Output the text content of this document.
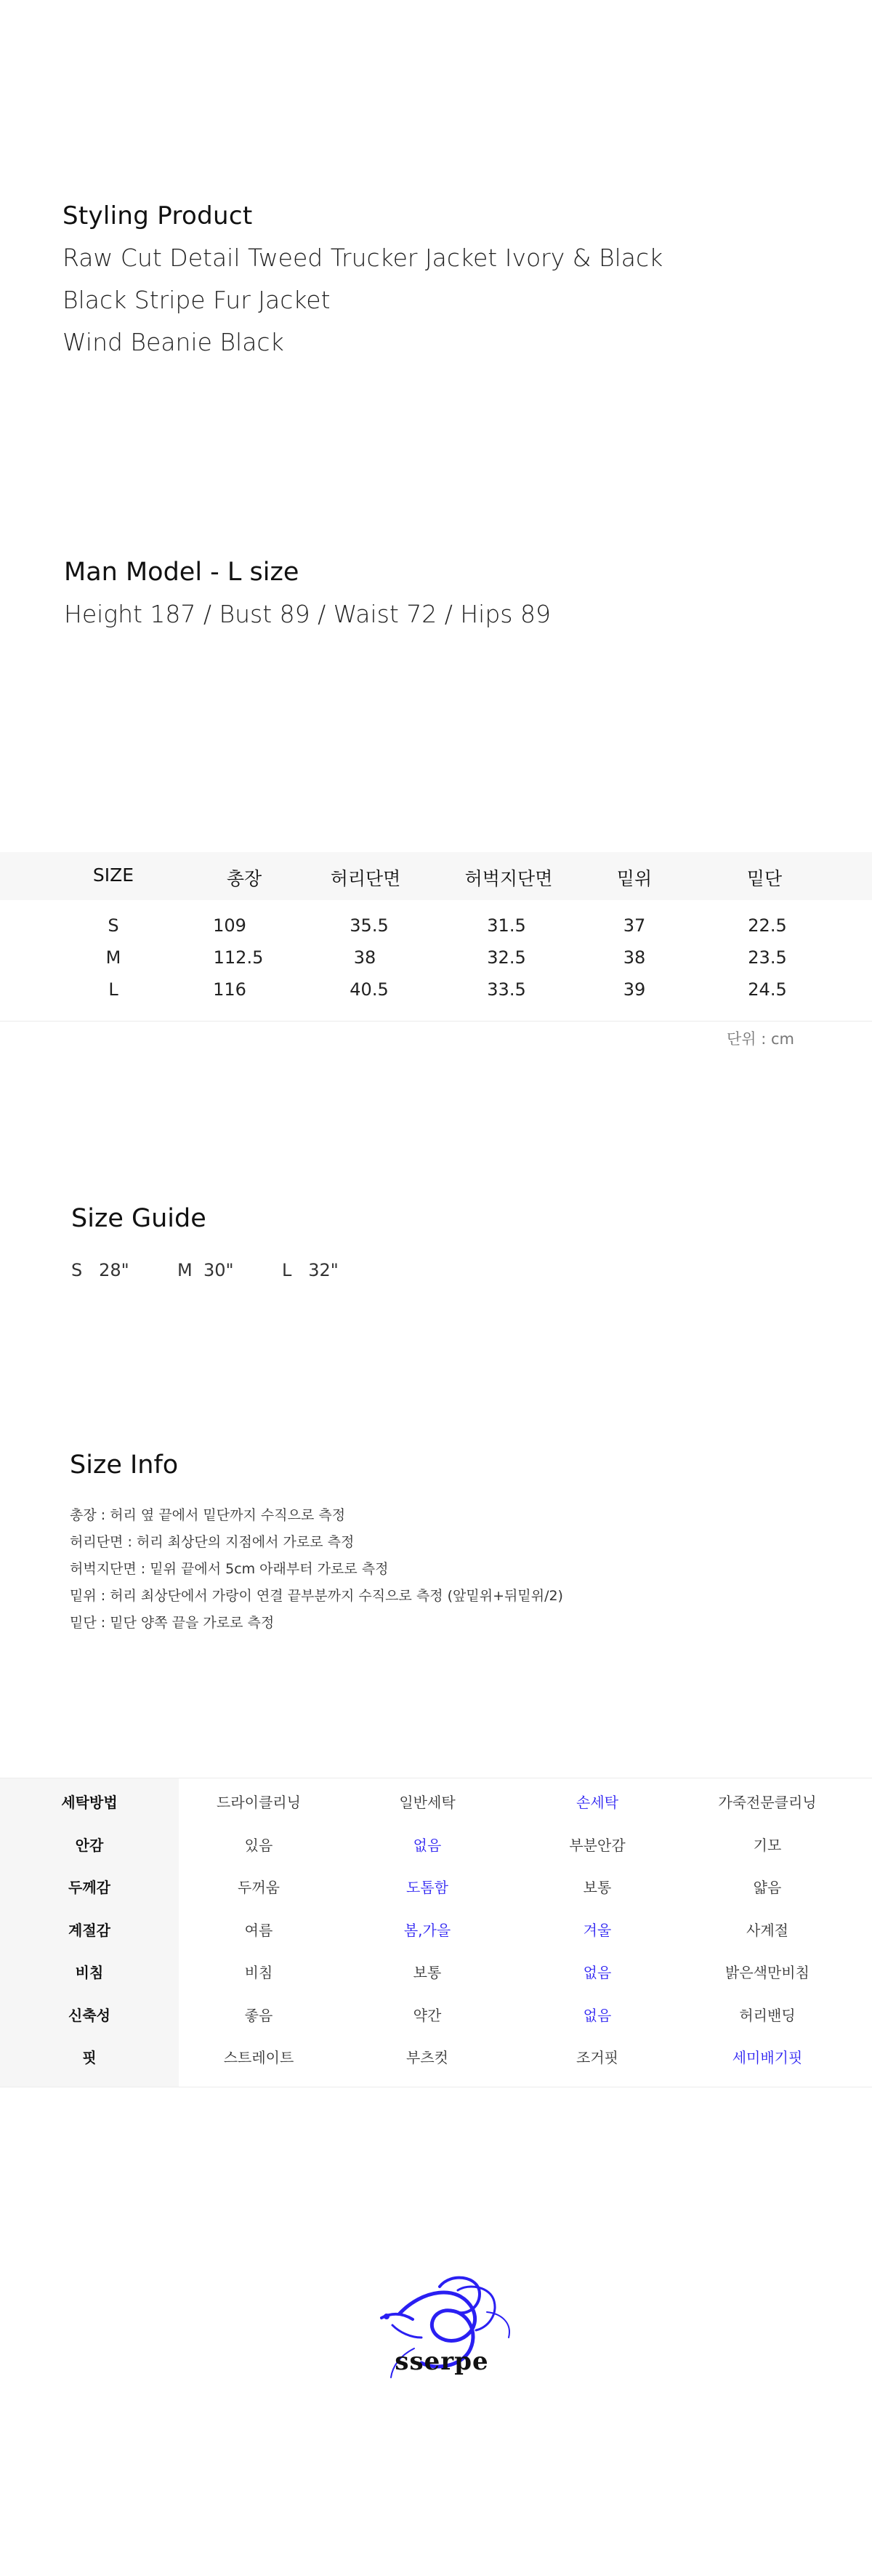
Styling Product
Raw Cut Detail Tweed Trucker Jacket Ivory & Black
Black Stripe Fur Jacket
Wind Beanie Black
Man Model - L size
Height 187 / Bust 89 / Waist 72 / Hips 89
SIZE	총장	허리단면	허벅지단면	밑위	밑단
S	109	35.5	31.5	37	22.5
M	112.5	38	32.5	38	23.5
L	116	40.5	33.5	39	24.5
단위 : cm
Size Guide
S   28"	M  30"	L   32"
Size Info
총장 : 허리 옆 끝에서 밑단까지 수직으로 측정
허리단면 : 허리 최상단의 지점에서 가로로 측정
허벅지단면 : 밑위 끝에서 5cm 아래부터 가로로 측정
밑위 : 허리 최상단에서 가랑이 연결 끝부분까지 수직으로 측정 (앞밑위+뒤밑위/2)
밑단 : 밑단 양쪽 끝을 가로로 측정
세탁방법	드라이클리닝	일반세탁	손세탁	가죽전문클리닝
안감	있음	없음	부분안감	기모
두께감	두꺼움	도톰함	보통	얇음
계절감	여름	봄,가을	겨울	사계절
비침	비침	보통	없음	밝은색만비침
신축성	좋음	약간	없음	허리밴딩
핏	스트레이트	부츠컷	조거핏	세미배기핏
sserpe
